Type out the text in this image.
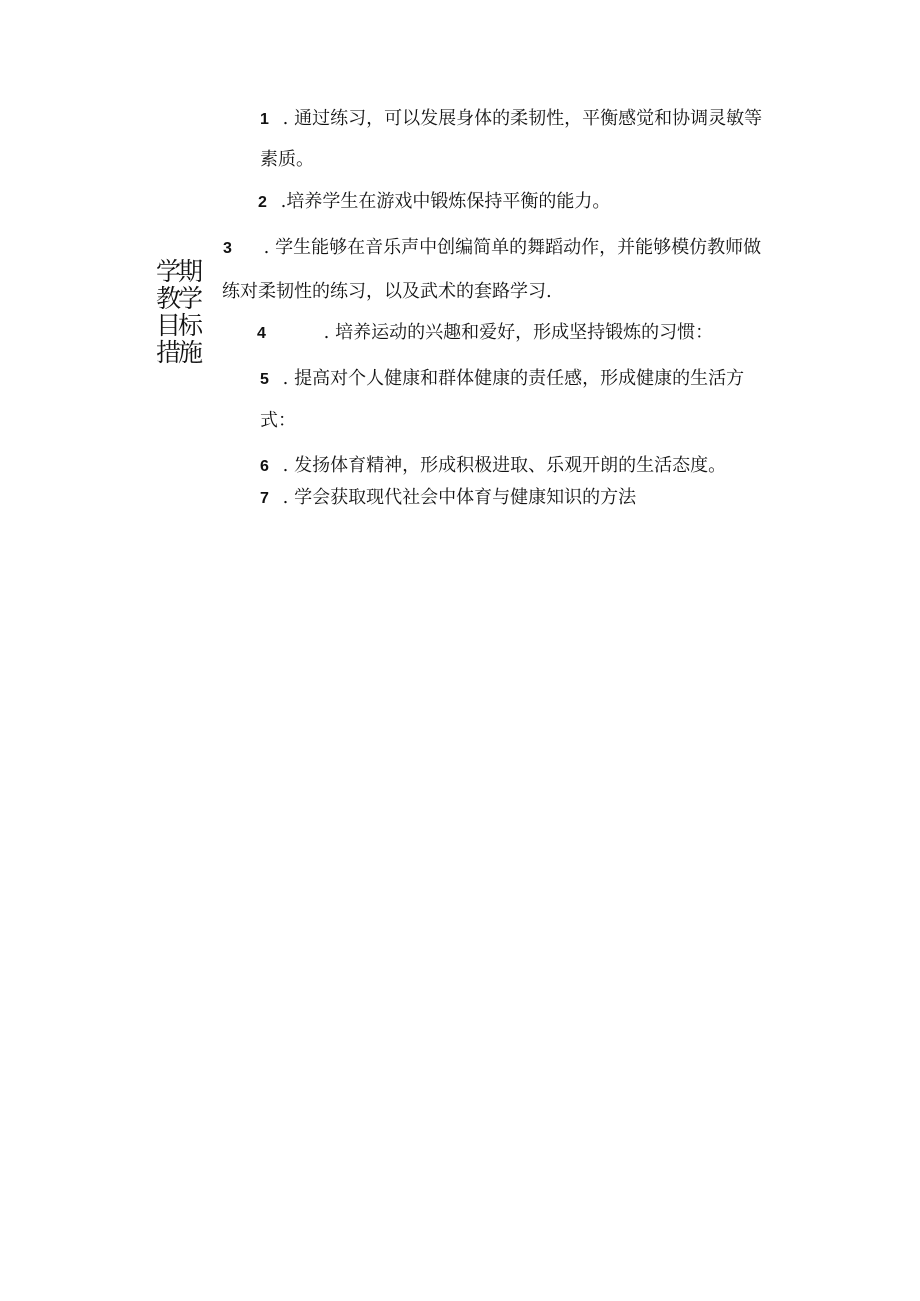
学期
教学
目标
措施
1 . 通过练习，可以发展身体的柔韧性，平衡感觉和协调灵敏等
素质。
2 .培养学生在游戏中锻炼保持平衡的能力。
3 . 学生能够在音乐声中创编简单的舞蹈动作，并能够模仿教师做
练对柔韧性的练习，以及武术的套路学习.
4	. 培养运动的兴趣和爱好，形成坚持锻炼的习惯：
5 . 提高对个人健康和群体健康的责任感，形成健康的生活方
式：
6 . 发扬体育精神，形成积极进取、乐观开朗的生活态度。
7 . 学会获取现代社会中体育与健康知识的方法
